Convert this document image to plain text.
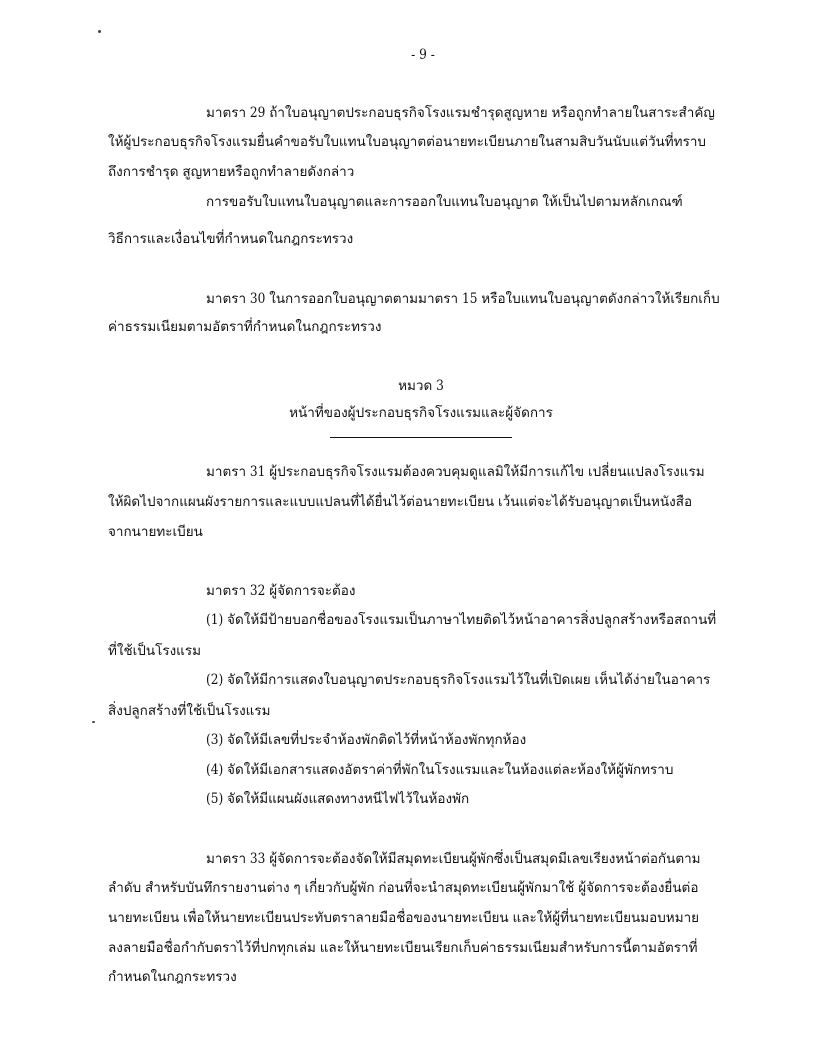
- 9 -
มาตรา 29 ถ้าใบอนุญาตประกอบธุรกิจโรงแรมชำรุดสูญหาย หรือถูกทำลายในสาระสำคัญ
ให้ผู้ประกอบธุรกิจโรงแรมยื่นคำขอรับใบแทนใบอนุญาตต่อนายทะเบียนภายในสามสิบวันนับแต่วันที่ทราบ
ถึงการชำรุด สูญหายหรือถูกทำลายดังกล่าว
การขอรับใบแทนใบอนุญาตและการออกใบแทนใบอนุญาต ให้เป็นไปตามหลักเกณฑ์
วิธีการและเงื่อนไขที่กำหนดในกฎกระทรวง
มาตรา 30 ในการออกใบอนุญาตตามมาตรา 15 หรือใบแทนใบอนุญาตดังกล่าวให้เรียกเก็บ
ค่าธรรมเนียมตามอัตราที่กำหนดในกฎกระทรวง
หมวด 3
หน้าที่ของผู้ประกอบธุรกิจโรงแรมและผู้จัดการ
มาตรา 31 ผู้ประกอบธุรกิจโรงแรมต้องควบคุมดูแลมิให้มีการแก้ไข เปลี่ยนแปลงโรงแรม
ให้ผิดไปจากแผนผังรายการและแบบแปลนที่ได้ยื่นไว้ต่อนายทะเบียน เว้นแต่จะได้รับอนุญาตเป็นหนังสือ
จากนายทะเบียน
มาตรา 32 ผู้จัดการจะต้อง
(1) จัดให้มีป้ายบอกชื่อของโรงแรมเป็นภาษาไทยติดไว้หน้าอาคารสิ่งปลูกสร้างหรือสถานที่
ที่ใช้เป็นโรงแรม
(2) จัดให้มีการแสดงใบอนุญาตประกอบธุรกิจโรงแรมไว้ในที่เปิดเผย เห็นได้ง่ายในอาคาร
สิ่งปลูกสร้างที่ใช้เป็นโรงแรม
(3) จัดให้มีเลขที่ประจำห้องพักติดไว้ที่หน้าห้องพักทุกห้อง
(4) จัดให้มีเอกสารแสดงอัตราค่าที่พักในโรงแรมและในห้องแต่ละห้องให้ผู้พักทราบ
(5) จัดให้มีแผนผังแสดงทางหนีไฟไว้ในห้องพัก
มาตรา 33 ผู้จัดการจะต้องจัดให้มีสมุดทะเบียนผู้พักซึ่งเป็นสมุดมีเลขเรียงหน้าต่อกันตาม
ลำดับ สำหรับบันทึกรายงานต่าง ๆ เกี่ยวกับผู้พัก ก่อนที่จะนำสมุดทะเบียนผู้พักมาใช้ ผู้จัดการจะต้องยื่นต่อ
นายทะเบียน เพื่อให้นายทะเบียนประทับตราลายมือชื่อของนายทะเบียน และให้ผู้ที่นายทะเบียนมอบหมาย
ลงลายมือชื่อกำกับตราไว้ที่ปกทุกเล่ม และให้นายทะเบียนเรียกเก็บค่าธรรมเนียมสำหรับการนี้ตามอัตราที่
กำหนดในกฎกระทรวง
